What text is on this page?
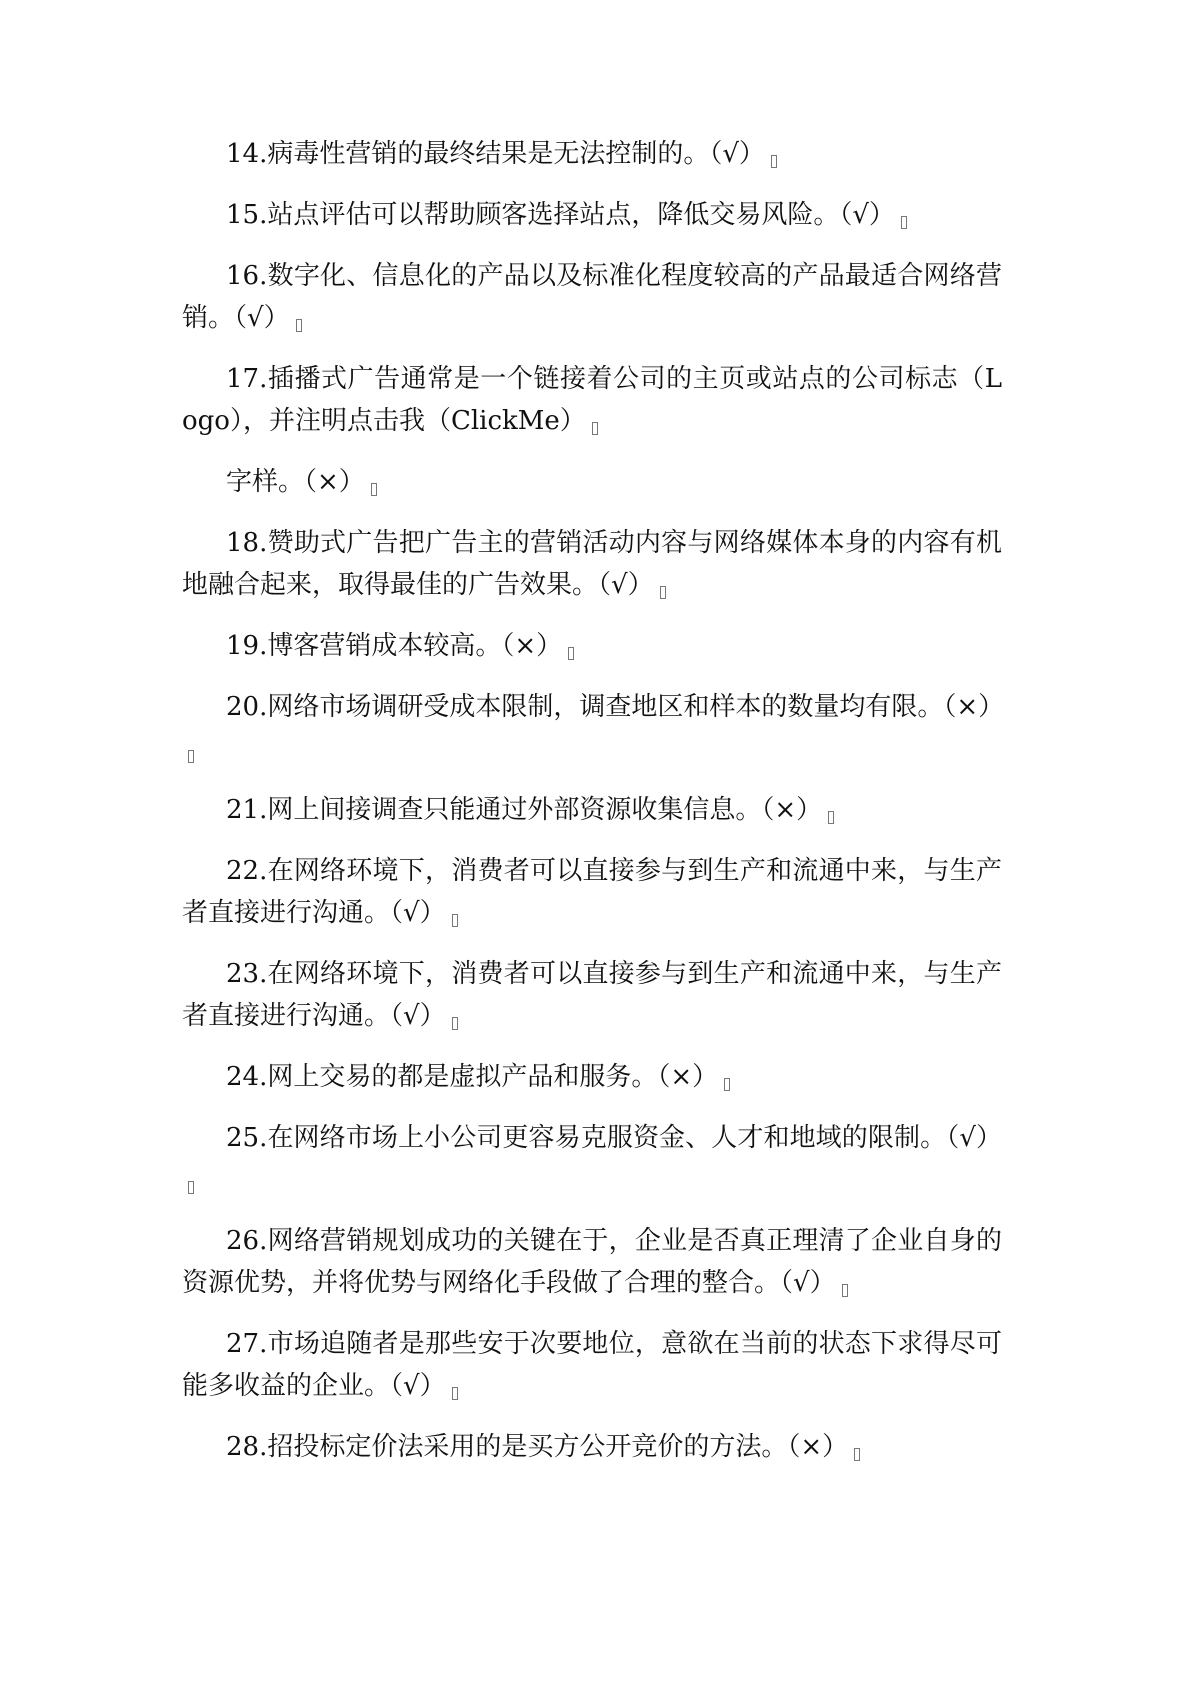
14.病毒性营销的最终结果是无法控制的。（√）

15.站点评估可以帮助顾客选择站点，降低交易风险。（√）

16.数字化、信息化的产品以及标准化程度较高的产品最适合网络营销。（√）

17.插播式广告通常是一个链接着公司的主页或站点的公司标志（Logo），并注明点击我（ClickMe）

字样。（×）

18.赞助式广告把广告主的营销活动内容与网络媒体本身的内容有机地融合起来，取得最佳的广告效果。（√）

19.博客营销成本较高。（×）

20.网络市场调研受成本限制，调查地区和样本的数量均有限。（×）

21.网上间接调查只能通过外部资源收集信息。（×）

22.在网络环境下，消费者可以直接参与到生产和流通中来，与生产者直接进行沟通。（√）

23.在网络环境下，消费者可以直接参与到生产和流通中来，与生产者直接进行沟通。（√）

24.网上交易的都是虚拟产品和服务。（×）

25.在网络市场上小公司更容易克服资金、人才和地域的限制。（√）

26.网络营销规划成功的关键在于，企业是否真正理清了企业自身的资源优势，并将优势与网络化手段做了合理的整合。（√）

27.市场追随者是那些安于次要地位，意欲在当前的状态下求得尽可能多收益的企业。（√）

28.招投标定价法采用的是买方公开竞价的方法。（×）
